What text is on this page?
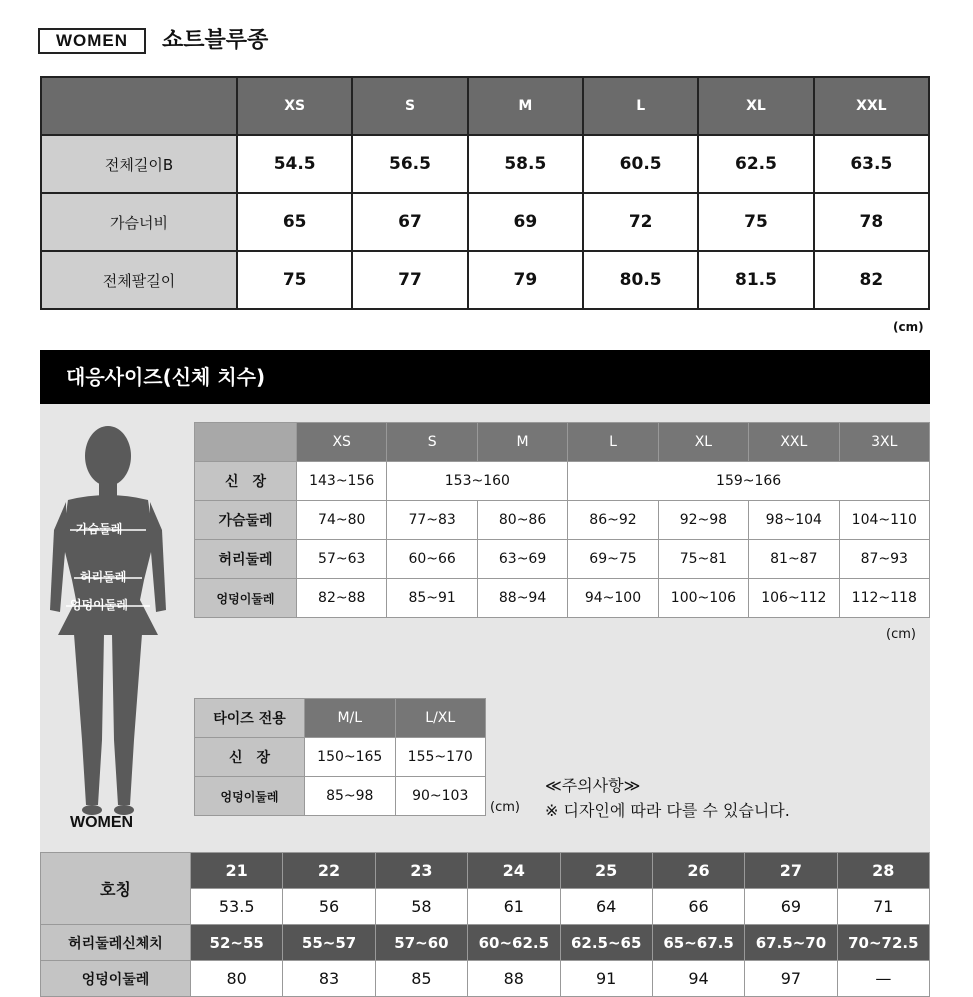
WOMEN	쇼트블루종
	XS	S	M	L	XL	XXL
전체길이B	54.5	56.5	58.5	60.5	62.5	63.5
가슴너비	65	67	69	72	75	78
전체팔길이	75	77	79	80.5	81.5	82
(cm)
대응사이즈(신체 치수)
가슴둘레
허리둘레
엉덩이둘레
WOMEN
	XS	S	M	L	XL	XXL	3XL
신　장	143~156	153~160		159~166			
가슴둘레	74~80	77~83	80~86	86~92	92~98	98~104	104~110
허리둘레	57~63	60~66	63~69	69~75	75~81	81~87	87~93
엉덩이둘레	82~88	85~91	88~94	94~100	100~106	106~112	112~118
(cm)
타이즈 전용	M/L	L/XL
신　장	150~165	155~170
엉덩이둘레	85~98	90~103
(cm)
≪주의사항≫
※ 디자인에 따라 다를 수 있습니다.
호칭	21	22	23	24	25	26	27	28
	53.5	56	58	61	64	66	69	71
허리둘레신체치	52~55	55~57	57~60	60~62.5	62.5~65	65~67.5	67.5~70	70~72.5
엉덩이둘레	80	83	85	88	91	94	97	—
